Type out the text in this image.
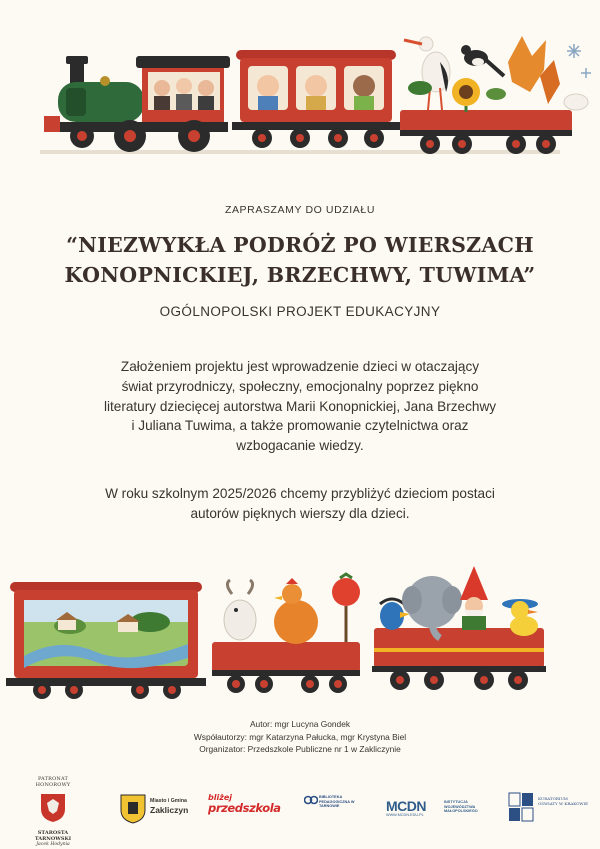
ZAPRASZAMY DO UDZIAŁU
“NIEZWYKŁA PODRÓŻ PO WIERSZACH
KONOPNICKIEJ, BRZECHWY, TUWIMA”
OGÓLNOPOLSKI PROJEKT EDUKACYJNY
Założeniem projektu jest wprowadzenie dzieci w otaczający
świat przyrodniczy, społeczny, emocjonalny poprzez piękno
literatury dziecięcej autorstwa Marii Konopnickiej, Jana Brzechwy
i Juliana Tuwima, a także promowanie czytelnictwa oraz
wzbogacanie wiedzy.
W roku szkolnym 2025/2026 chcemy przybliżyć dzieciom postaci
autorów pięknych wierszy dla dzieci.
Autor: mgr Lucyna Gondek
Współautorzy: mgr Katarzyna Pałucka, mgr Krystyna Biel
Organizator: Przedszkole Publiczne nr 1 w Zakliczynie
PATRONAT HONOROWY
STAROSTA TARNOWSKI
Jacek Hodynia
Miasto i Gmina
Zakliczyn
bliżej
przedszkola
BIBLIOTEKA PEDAGOGICZNA W TARNOWIE	MCDN
WWW.MCDN.EDU.PL
INSTYTUCJA WOJEWÓDZTWA MAŁOPOLSKIEGO
KURATORIUM OŚWIATY W KRAKOWIE
